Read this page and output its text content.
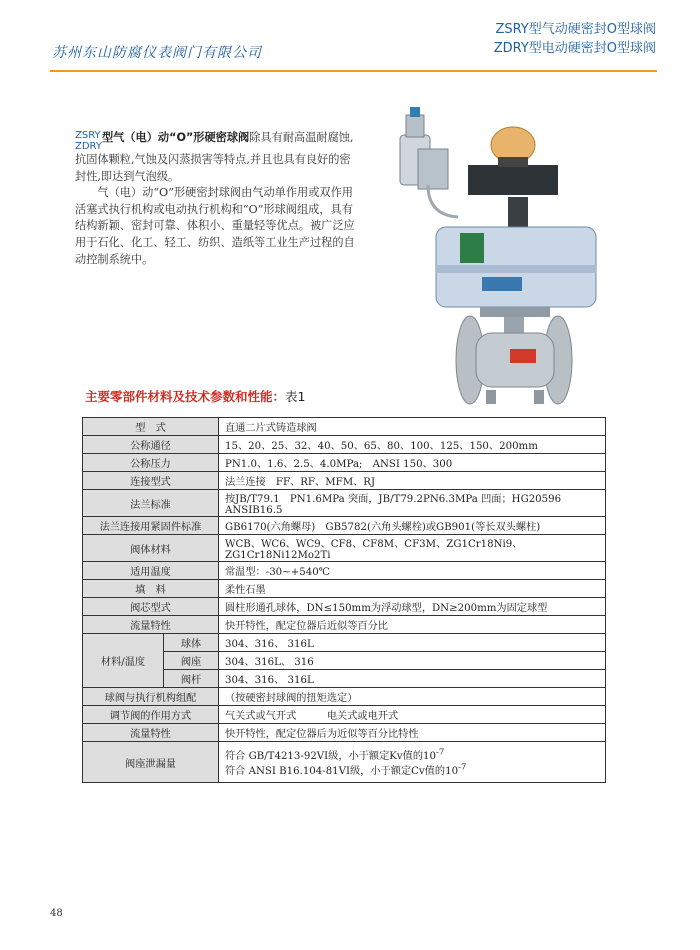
苏州东山防腐仪表阀门有限公司
ZSRY型气动硬密封O型球阀
ZDRY型电动硬密封O型球阀

ZSRY
ZDRY型气（电）动“O”形硬密球阀除具有耐高温耐腐蚀,抗固体颗粒,气蚀及闪蒸损害等特点,并且也具有良好的密封性,即达到气泡级。

气（电）动“O”形硬密封球阀由气动单作用或双作用活塞式执行机构或电动执行机构和“O”形球阀组成，具有结构新颖、密封可靠、体积小、重量轻等优点。被广泛应用于石化、化工、轻工、纺织、造纸等工业生产过程的自动控制系统中。

主要零部件材料及技术参数和性能：表1
型　式		直通二片式铸造球阀
公称通径		15、20、25、32、40、50、65、80、100、125、150、200mm
公称压力		PN1.0、1.6、2.5、4.0MPa;　ANSI 150、300
连接型式		法兰连接　FF、RF、MFM、RJ
法兰标准		按JB/T79.1　PN1.6MPa 突面，JB/T79.2PN6.3MPa 凹面；HG20596　ANSIB16.5
法兰连接用紧固件标准		GB6170(六角螺母)　GB5782(六角头螺栓)或GB901(等长双头螺柱)
阀体材料		WCB、WC6、WC9、CF8、CF8M、CF3M、ZG1Cr18Ni9、ZG1Cr18Ni12Mo2Ti
适用温度		常温型：-30~+540℃
填　料		柔性石墨
阀芯型式		圆柱形通孔球体，DN≤150mm为浮动球型，DN≥200mm为固定球型
流量特性		快开特性，配定位器后近似等百分比
材料/温度	球体	304、316、 316L
	阀座	304、316L、 316
	阀杆	304、316、 316L
球阀与执行机构组配		（按硬密封球阀的扭矩选定）
调节阀的作用方式		气关式或气开式　　　电关式或电开式
流量特性		快开特性，配定位器后为近似等百分比特性
阀座泄漏量		符合 GB/T4213-92VI级，小于额定Kv值的$10^{-7}$
符合 ANSI B16.104-81VI级，小于额定Cv值的$10^{-7}$
48
